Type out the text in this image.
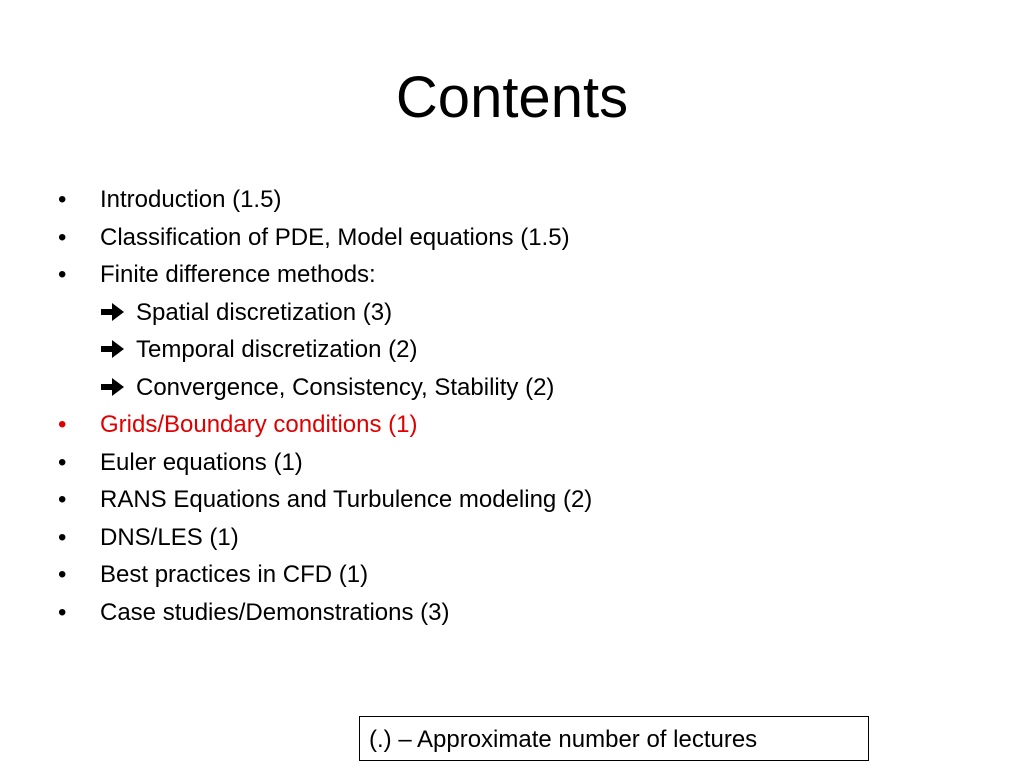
Contents
•	Introduction (1.5)
•	Classification of PDE, Model equations (1.5)
•	Finite difference methods:
Spatial discretization (3)
Temporal discretization (2)
Convergence, Consistency, Stability (2)
•	Grids/Boundary conditions (1)
•	Euler equations (1)
•	RANS Equations and Turbulence modeling (2)
•	DNS/LES (1)
•	Best practices in CFD (1)
•	Case studies/Demonstrations (3)
(.) – Approximate number of lectures
